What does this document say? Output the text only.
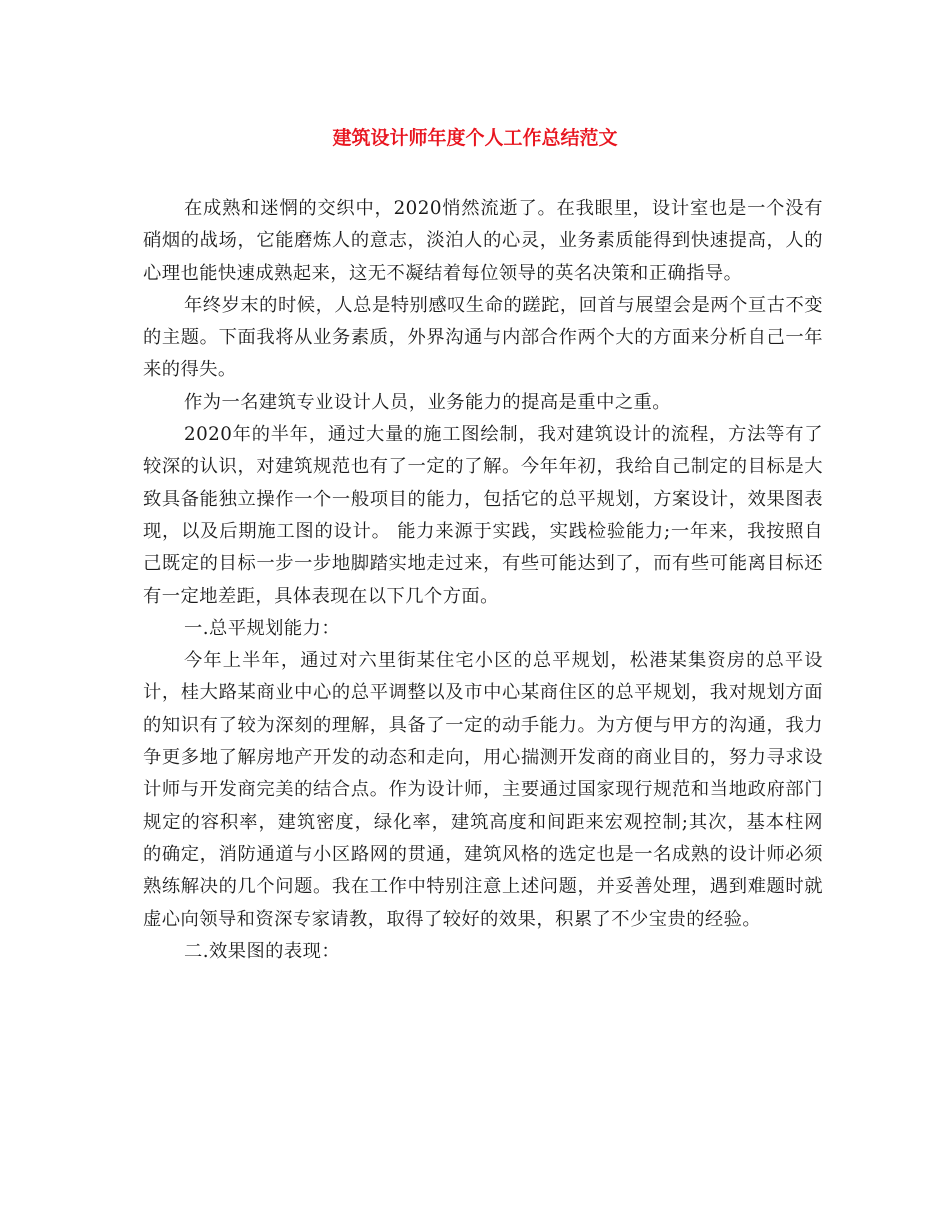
建筑设计师年度个人工作总结范文

在成熟和迷惘的交织中，2020悄然流逝了。在我眼里，设计室也是一个没有硝烟的战场，它能磨炼人的意志，淡泊人的心灵，业务素质能得到快速提高，人的心理也能快速成熟起来，这无不凝结着每位领导的英名决策和正确指导。

年终岁末的时候，人总是特别感叹生命的蹉跎，回首与展望会是两个亘古不变的主题。下面我将从业务素质，外界沟通与内部合作两个大的方面来分析自己一年来的得失。

作为一名建筑专业设计人员，业务能力的提高是重中之重。

2020年的半年，通过大量的施工图绘制，我对建筑设计的流程，方法等有了较深的认识，对建筑规范也有了一定的了解。今年年初，我给自己制定的目标是大致具备能独立操作一个一般项目的能力，包括它的总平规划，方案设计，效果图表现，以及后期施工图的设计。 能力来源于实践，实践检验能力;一年来，我按照自己既定的目标一步一步地脚踏实地走过来，有些可能达到了，而有些可能离目标还有一定地差距，具体表现在以下几个方面。

一.总平规划能力：

今年上半年，通过对六里街某住宅小区的总平规划，松港某集资房的总平设计，桂大路某商业中心的总平调整以及市中心某商住区的总平规划，我对规划方面的知识有了较为深刻的理解，具备了一定的动手能力。为方便与甲方的沟通，我力争更多地了解房地产开发的动态和走向，用心揣测开发商的商业目的，努力寻求设计师与开发商完美的结合点。作为设计师，主要通过国家现行规范和当地政府部门规定的容积率，建筑密度，绿化率，建筑高度和间距来宏观控制;其次，基本柱网的确定，消防通道与小区路网的贯通，建筑风格的选定也是一名成熟的设计师必须熟练解决的几个问题。我在工作中特别注意上述问题，并妥善处理，遇到难题时就虚心向领导和资深专家请教，取得了较好的效果，积累了不少宝贵的经验。

二.效果图的表现：
